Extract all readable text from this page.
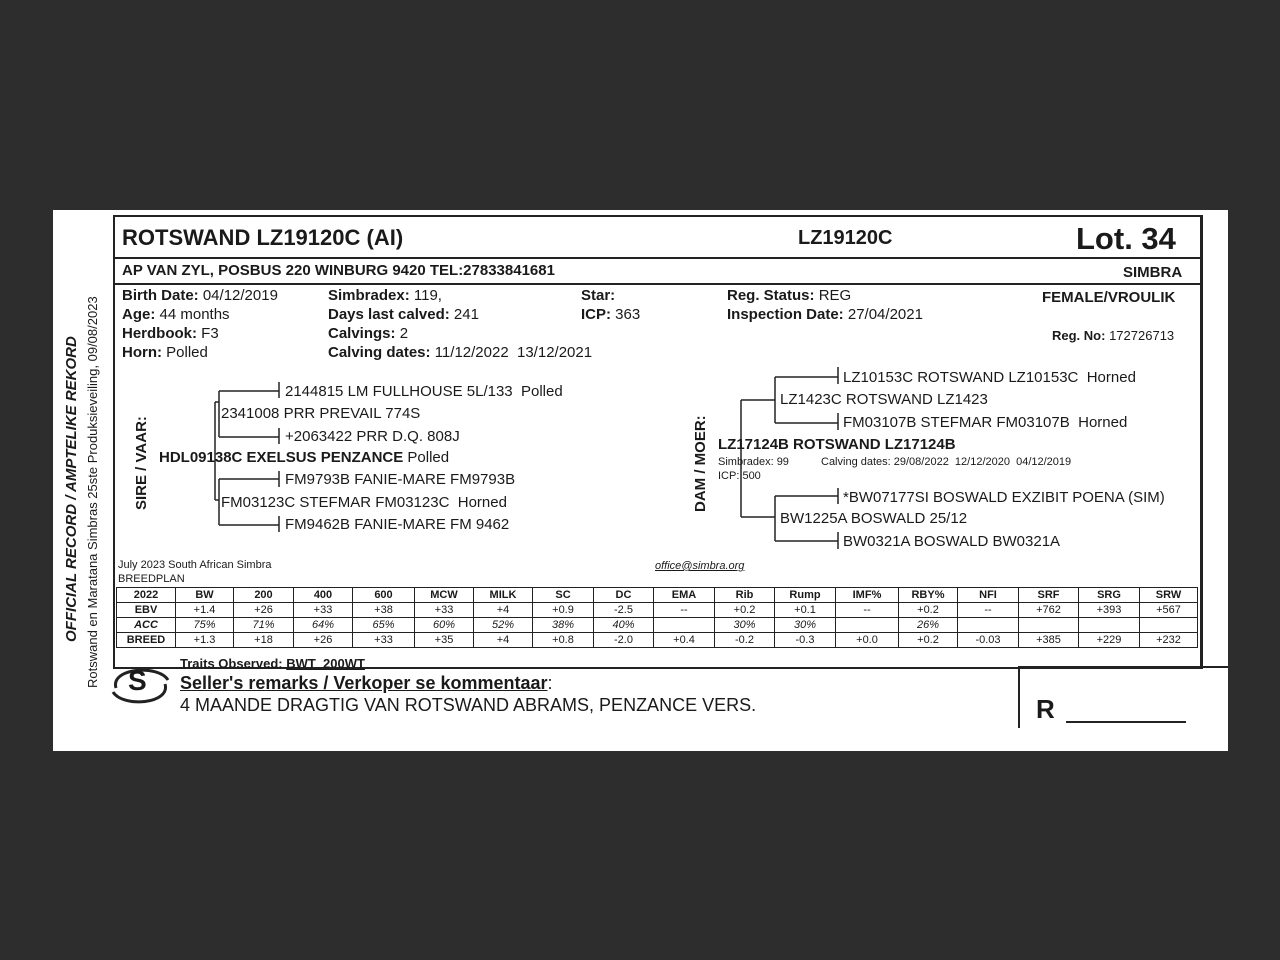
OFFICIAL RECORD / AMPTELIKE REKORD Rotswand en Maratana Simbras 25ste Produksieveiling, 09/08/2023
ROTSWAND LZ19120C (AI)	LZ19120C	Lot. 34
AP VAN ZYL, POSBUS 220 WINBURG 9420 TEL:27833841681	SIMBRA
Birth Date: 04/12/2019
Age: 44 months
Herdbook: F3
Horn: Polled
Simbradex: 119,
Days last calved: 241
Calvings: 2
Calving dates: 11/12/2022  13/12/2021
Star:
ICP: 363
Reg. Status: REG
Inspection Date: 27/04/2021
FEMALE/VROULIK
Reg. No: 172726713
SIRE / VAAR:
2144815 LM FULLHOUSE 5L/133 Polled
2341008 PRR PREVAIL 774S
+2063422 PRR D.Q. 808J
HDL09138C EXELSUS PENZANCE Polled
FM9793B FANIE-MARE FM9793B
FM03123C STEFMAR FM03123C Horned
FM9462B FANIE-MARE FM 9462
DAM / MOER:
LZ10153C ROTSWAND LZ10153C Horned
LZ1423C ROTSWAND LZ1423
FM03107B STEFMAR FM03107B Horned
LZ17124B ROTSWAND LZ17124B
Simbradex: 99	Calving dates: 29/08/2022  12/12/2020  04/12/2019
ICP: 500
*BW07177SI BOSWALD EXZIBIT POENA (SIM)
BW1225A BOSWALD 25/12
BW0321A BOSWALD BW0321A
July 2023 South African Simbra
BREEDPLAN
office@simbra.org
2022	BW	200	400	600	MCW	MILK	SC	DC	EMA	Rib	Rump	IMF%	RBY%	NFI	SRF	SRG	SRW
EBV	+1.4	+26	+33	+38	+33	+4	+0.9	-2.5	--	+0.2	+0.1	--	+0.2	--	+762	+393	+567
ACC	75%	71%	64%	65%	60%	52%	38%	40%		30%	30%		26%				
BREED	+1.3	+18	+26	+33	+35	+4	+0.8	-2.0	+0.4	-0.2	-0.3	+0.0	+0.2	-0.03	+385	+229	+232
S
Traits Observed: BWT  200WT
Seller's remarks / Verkoper se kommentaar:
4 MAANDE DRAGTIG VAN ROTSWAND ABRAMS, PENZANCE VERS.	R
